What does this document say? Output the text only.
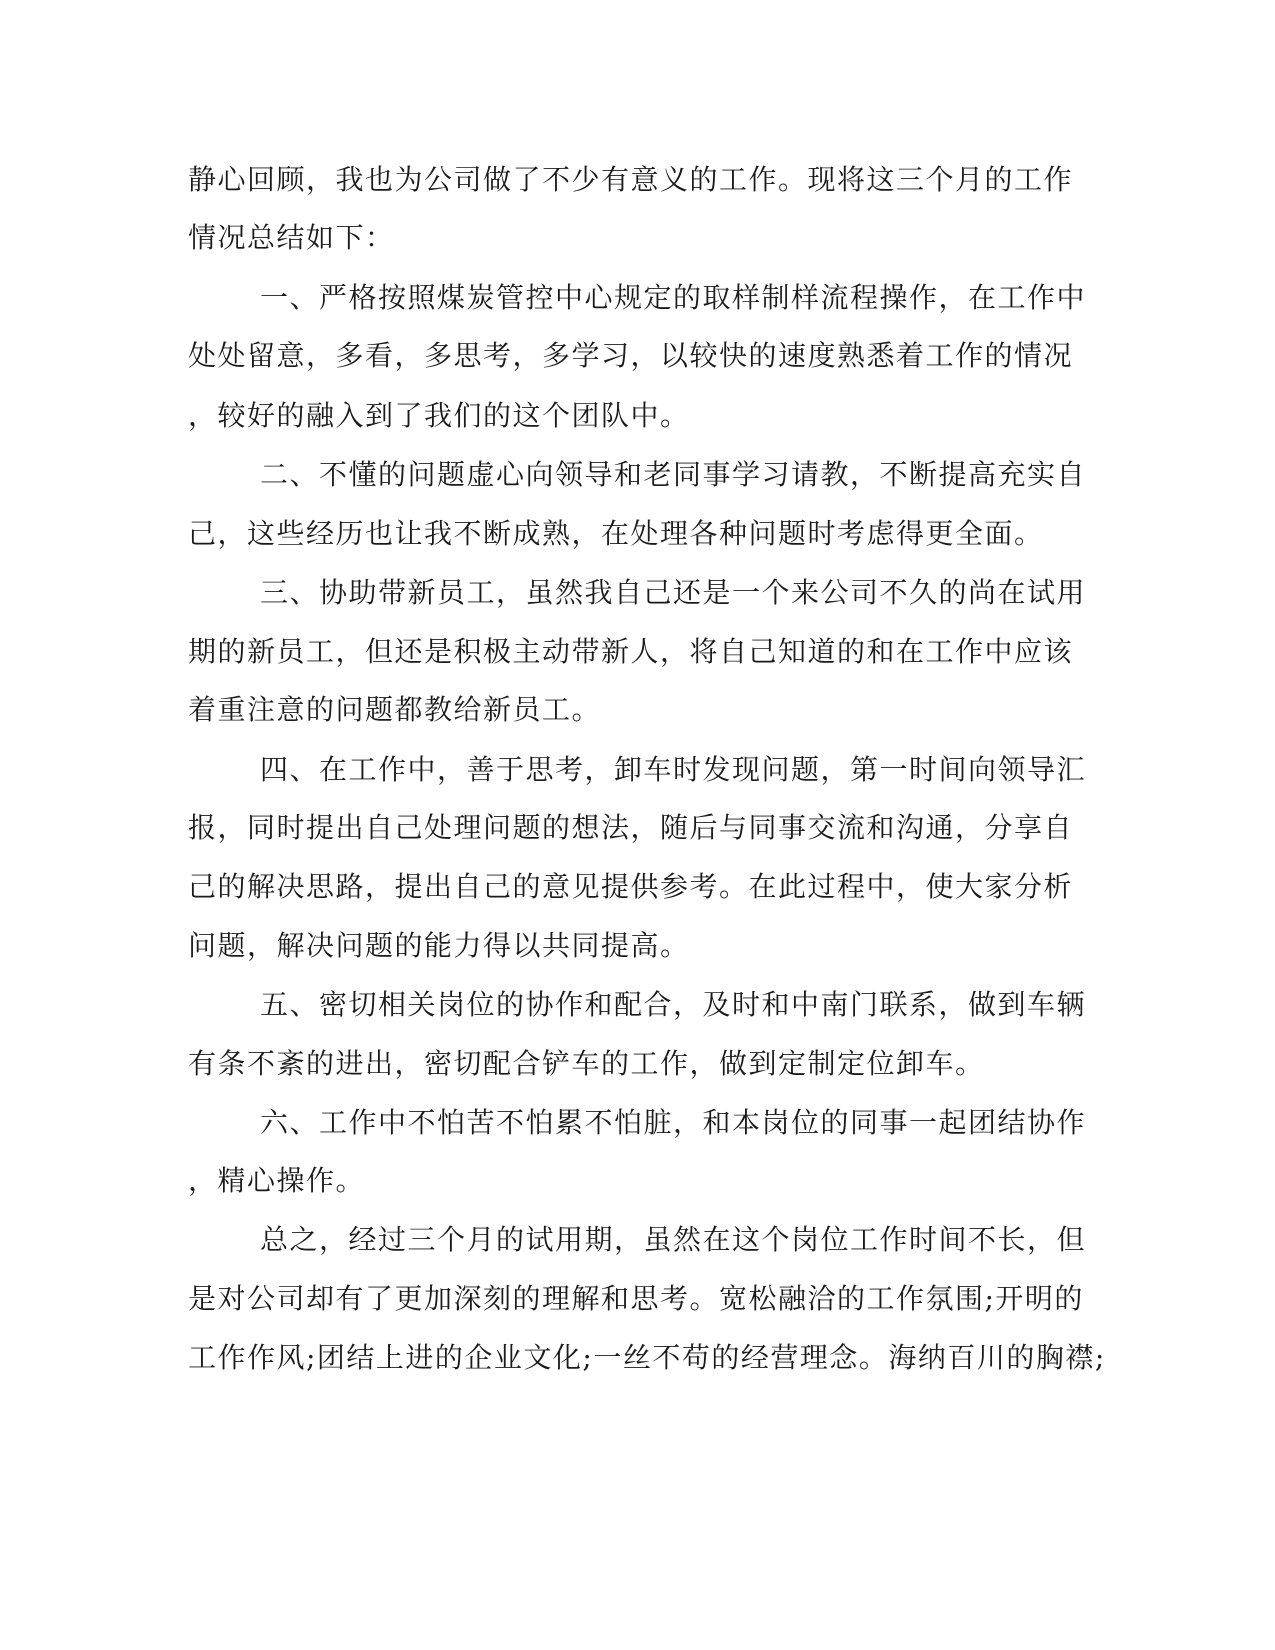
静心回顾，我也为公司做了不少有意义的工作。现将这三个月的工作
情况总结如下：
一、严格按照煤炭管控中心规定的取样制样流程操作，在工作中
处处留意，多看，多思考，多学习，以较快的速度熟悉着工作的情况
，较好的融入到了我们的这个团队中。
二、不懂的问题虚心向领导和老同事学习请教，不断提高充实自
己，这些经历也让我不断成熟，在处理各种问题时考虑得更全面。
三、协助带新员工，虽然我自己还是一个来公司不久的尚在试用
期的新员工，但还是积极主动带新人，将自己知道的和在工作中应该
着重注意的问题都教给新员工。
四、在工作中，善于思考，卸车时发现问题，第一时间向领导汇
报，同时提出自己处理问题的想法，随后与同事交流和沟通，分享自
己的解决思路，提出自己的意见提供参考。在此过程中，使大家分析
问题，解决问题的能力得以共同提高。
五、密切相关岗位的协作和配合，及时和中南门联系，做到车辆
有条不紊的进出，密切配合铲车的工作，做到定制定位卸车。
六、工作中不怕苦不怕累不怕脏，和本岗位的同事一起团结协作
，精心操作。
总之，经过三个月的试用期，虽然在这个岗位工作时间不长，但
是对公司却有了更加深刻的理解和思考。宽松融洽的工作氛围;开明的
工作作风;团结上进的企业文化;一丝不苟的经营理念。海纳百川的胸襟;
